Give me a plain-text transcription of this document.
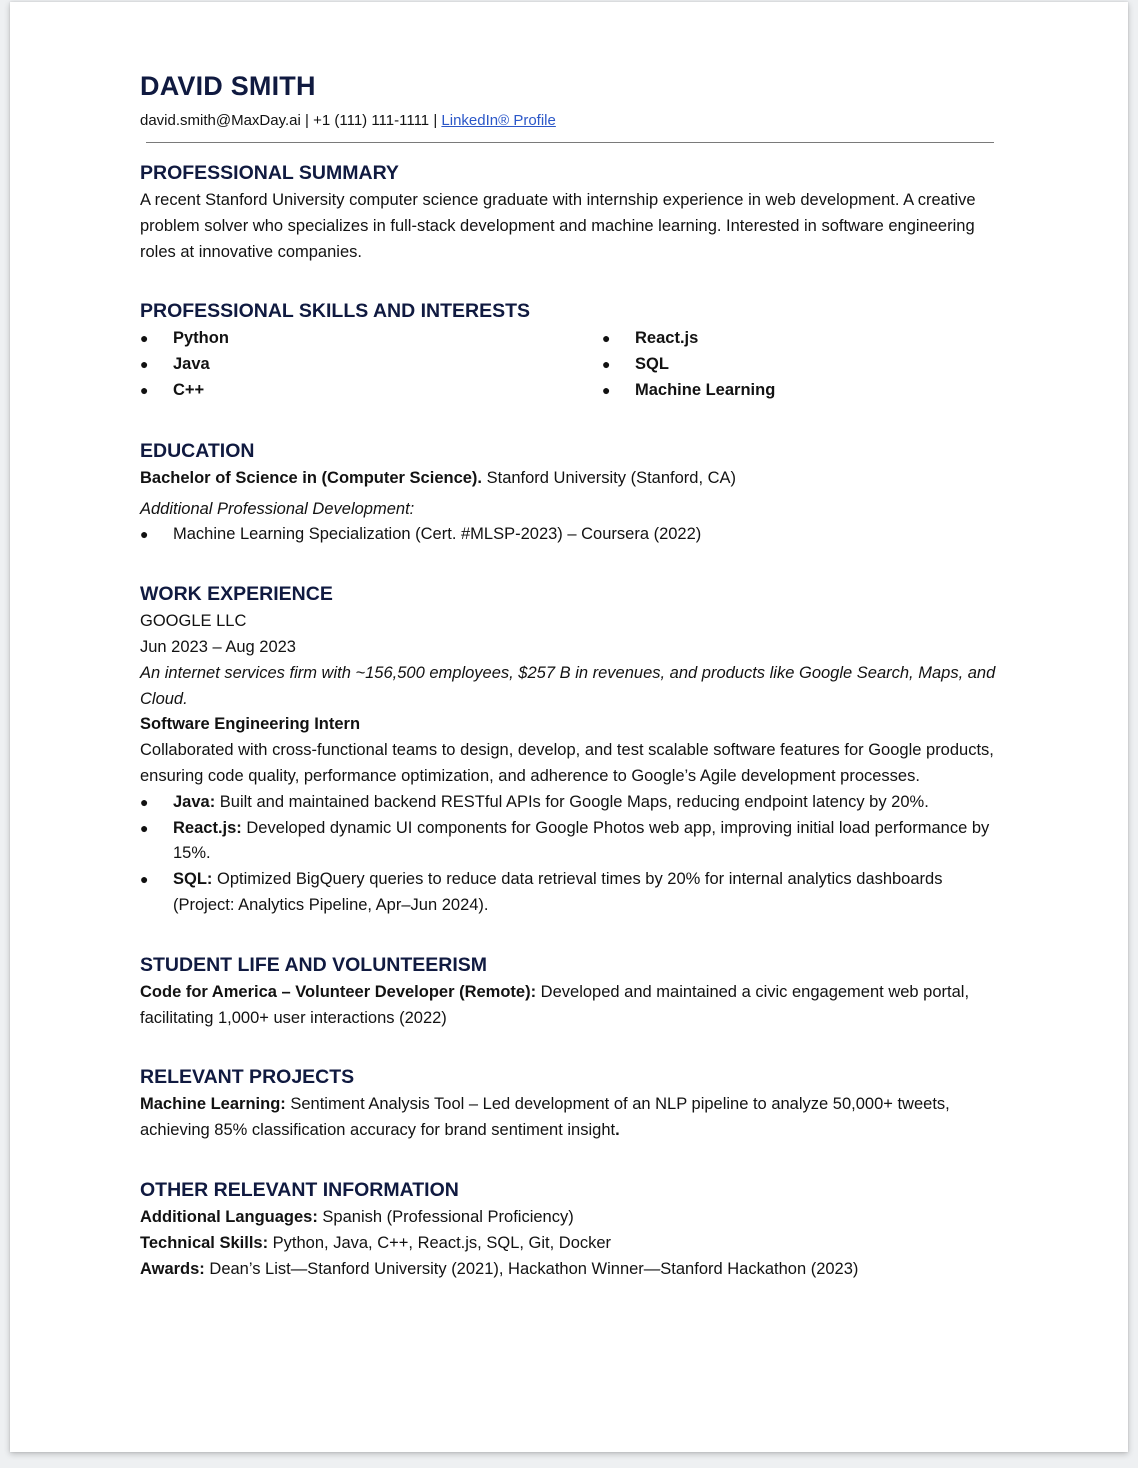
DAVID SMITH
david.smith@MaxDay.ai | +1 (111) 111-1111 | LinkedIn® Profile
PROFESSIONAL SUMMARY
A recent Stanford University computer science graduate with internship experience in web development. A creative problem solver who specializes in full-stack development and machine learning. Interested in software engineering roles at innovative companies.
PROFESSIONAL SKILLS AND INTERESTS
●	Python
●	Java
●	C++
●	React.js
●	SQL
●	Machine Learning
EDUCATION
Bachelor of Science in (Computer Science). Stanford University (Stanford, CA)
Additional Professional Development:
●	Machine Learning Specialization (Cert. #MLSP-2023) – Coursera (2022)
WORK EXPERIENCE
GOOGLE LLC
Jun 2023 – Aug 2023
An internet services firm with ~156,500 employees, $257 B in revenues, and products like Google Search, Maps, and Cloud.
Software Engineering Intern
Collaborated with cross-functional teams to design, develop, and test scalable software features for Google products, ensuring code quality, performance optimization, and adherence to Google’s Agile development processes.
●	Java: Built and maintained backend RESTful APIs for Google Maps, reducing endpoint latency by 20%.
●	React.js: Developed dynamic UI components for Google Photos web app, improving initial load performance by 15%.
●	SQL: Optimized BigQuery queries to reduce data retrieval times by 20% for internal analytics dashboards (Project: Analytics Pipeline, Apr–Jun 2024).
STUDENT LIFE AND VOLUNTEERISM
Code for America – Volunteer Developer (Remote): Developed and maintained a civic engagement web portal, facilitating 1,000+ user interactions (2022)
RELEVANT PROJECTS
Machine Learning: Sentiment Analysis Tool – Led development of an NLP pipeline to analyze 50,000+ tweets, achieving 85% classification accuracy for brand sentiment insight.
OTHER RELEVANT INFORMATION
Additional Languages: Spanish (Professional Proficiency)
Technical Skills: Python, Java, C++, React.js, SQL, Git, Docker
Awards: Dean’s List—Stanford University (2021), Hackathon Winner—Stanford Hackathon (2023)
